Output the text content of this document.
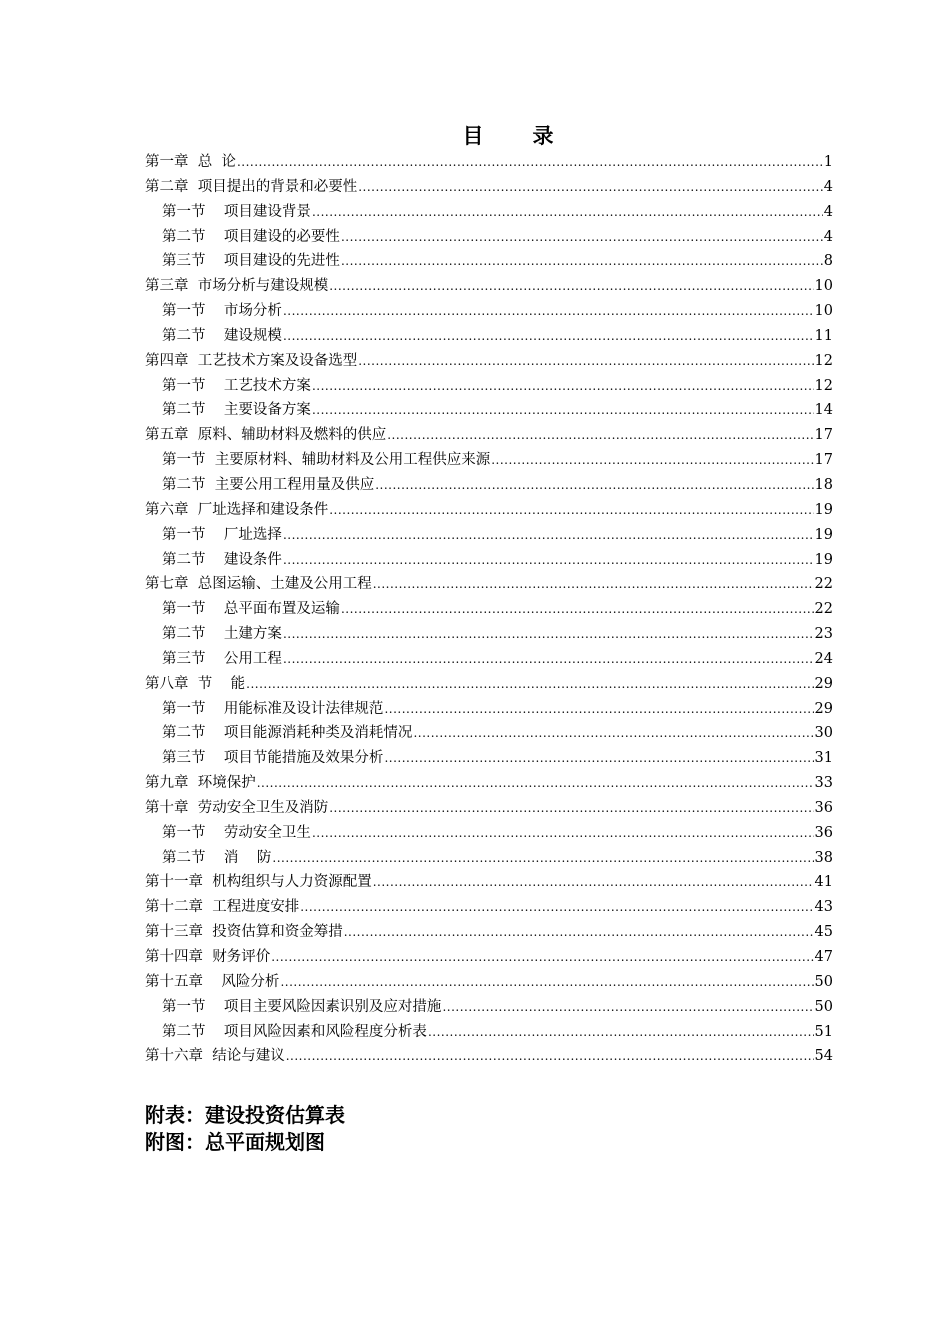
目　录
第一章  总  论 .....	1
第二章  项目提出的背景和必要性 .....	4
第一节    项目建设背景 .....	4
第二节    项目建设的必要性 .....	4
第三节    项目建设的先进性 .....	8
第三章  市场分析与建设规模 .....	10
第一节    市场分析 .....	10
第二节    建设规模 .....	11
第四章  工艺技术方案及设备选型 .....	12
第一节    工艺技术方案 .....	12
第二节    主要设备方案 .....	14
第五章  原料、辅助材料及燃料的供应 .....	17
第一节  主要原材料、辅助材料及公用工程供应来源 .....	17
第二节  主要公用工程用量及供应 .....	18
第六章  厂址选择和建设条件 .....	19
第一节    厂址选择 .....	19
第二节    建设条件 .....	19
第七章  总图运输、土建及公用工程 .....	22
第一节    总平面布置及运输 .....	22
第二节    土建方案 .....	23
第三节    公用工程 .....	24
第八章  节    能 .....	29
第一节    用能标准及设计法律规范 .....	29
第二节    项目能源消耗种类及消耗情况 .....	30
第三节    项目节能措施及效果分析 .....	31
第九章  环境保护 .....	33
第十章  劳动安全卫生及消防 .....	36
第一节    劳动安全卫生 .....	36
第二节    消    防 .....	38
第十一章  机构组织与人力资源配置 .....	41
第十二章  工程进度安排 .....	43
第十三章  投资估算和资金筹措 .....	45
第十四章  财务评价 .....	47
第十五章    风险分析 .....	50
第一节    项目主要风险因素识别及应对措施 .....	50
第二节    项目风险因素和风险程度分析表 .....	51
第十六章  结论与建议 .....	54
附表：建设投资估算表
附图：总平面规划图
